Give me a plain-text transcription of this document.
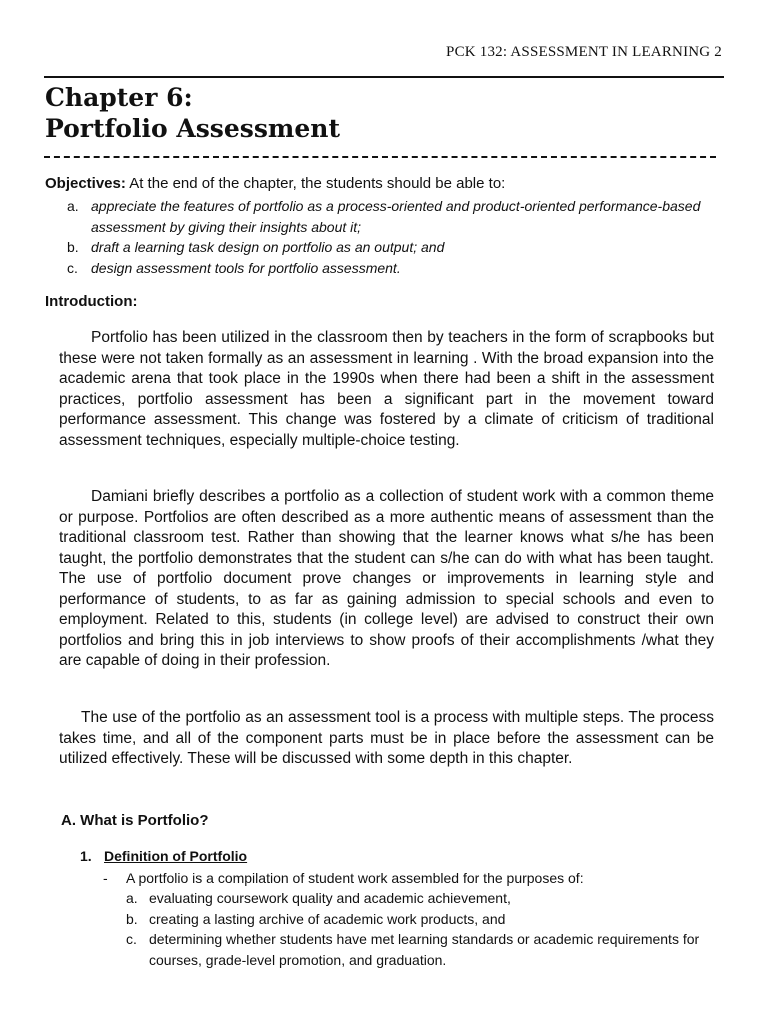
PCK 132: ASSESSMENT IN LEARNING 2
Chapter 6:
Portfolio Assessment
Objectives: At the end of the chapter, the students should be able to:
a. appreciate the features of portfolio as a process-oriented and product-oriented performance-based assessment by giving their insights about it;
b. draft a learning task design on portfolio as an output; and
c. design assessment tools for portfolio assessment.
Introduction:

Portfolio has been utilized in the classroom then by teachers in the form of scrapbooks but these were not taken formally as an assessment in learning . With the broad expansion into the academic arena that took place in the 1990s when there had been a shift in the assessment practices, portfolio assessment has been a significant part in the movement toward performance assessment. This change was fostered by a climate of criticism of traditional assessment techniques, especially multiple-choice testing.

Damiani briefly describes a portfolio as a collection of student work with a common theme or purpose. Portfolios are often described as a more authentic means of assessment than the traditional classroom test. Rather than showing that the learner knows what s/he has been taught, the portfolio demonstrates that the student can s/he can do with what has been taught. The use of portfolio document prove changes or improvements in learning style and performance of students, to as far as gaining admission to special schools and even to employment. Related to this, students (in college level) are advised to construct their own portfolios and bring this in job interviews to show proofs of their accomplishments /what they are capable of doing in their profession.

The use of the portfolio as an assessment tool is a process with multiple steps. The process takes time, and all of the component parts must be in place before the assessment can be utilized effectively. These will be discussed with some depth in this chapter.

A. What is Portfolio?
1. Definition of Portfolio
-	A portfolio is a compilation of student work assembled for the purposes of:
a. evaluating coursework quality and academic achievement,
b. creating a lasting archive of academic work products, and
c. determining whether students have met learning standards or academic requirements for courses, grade-level promotion, and graduation.
